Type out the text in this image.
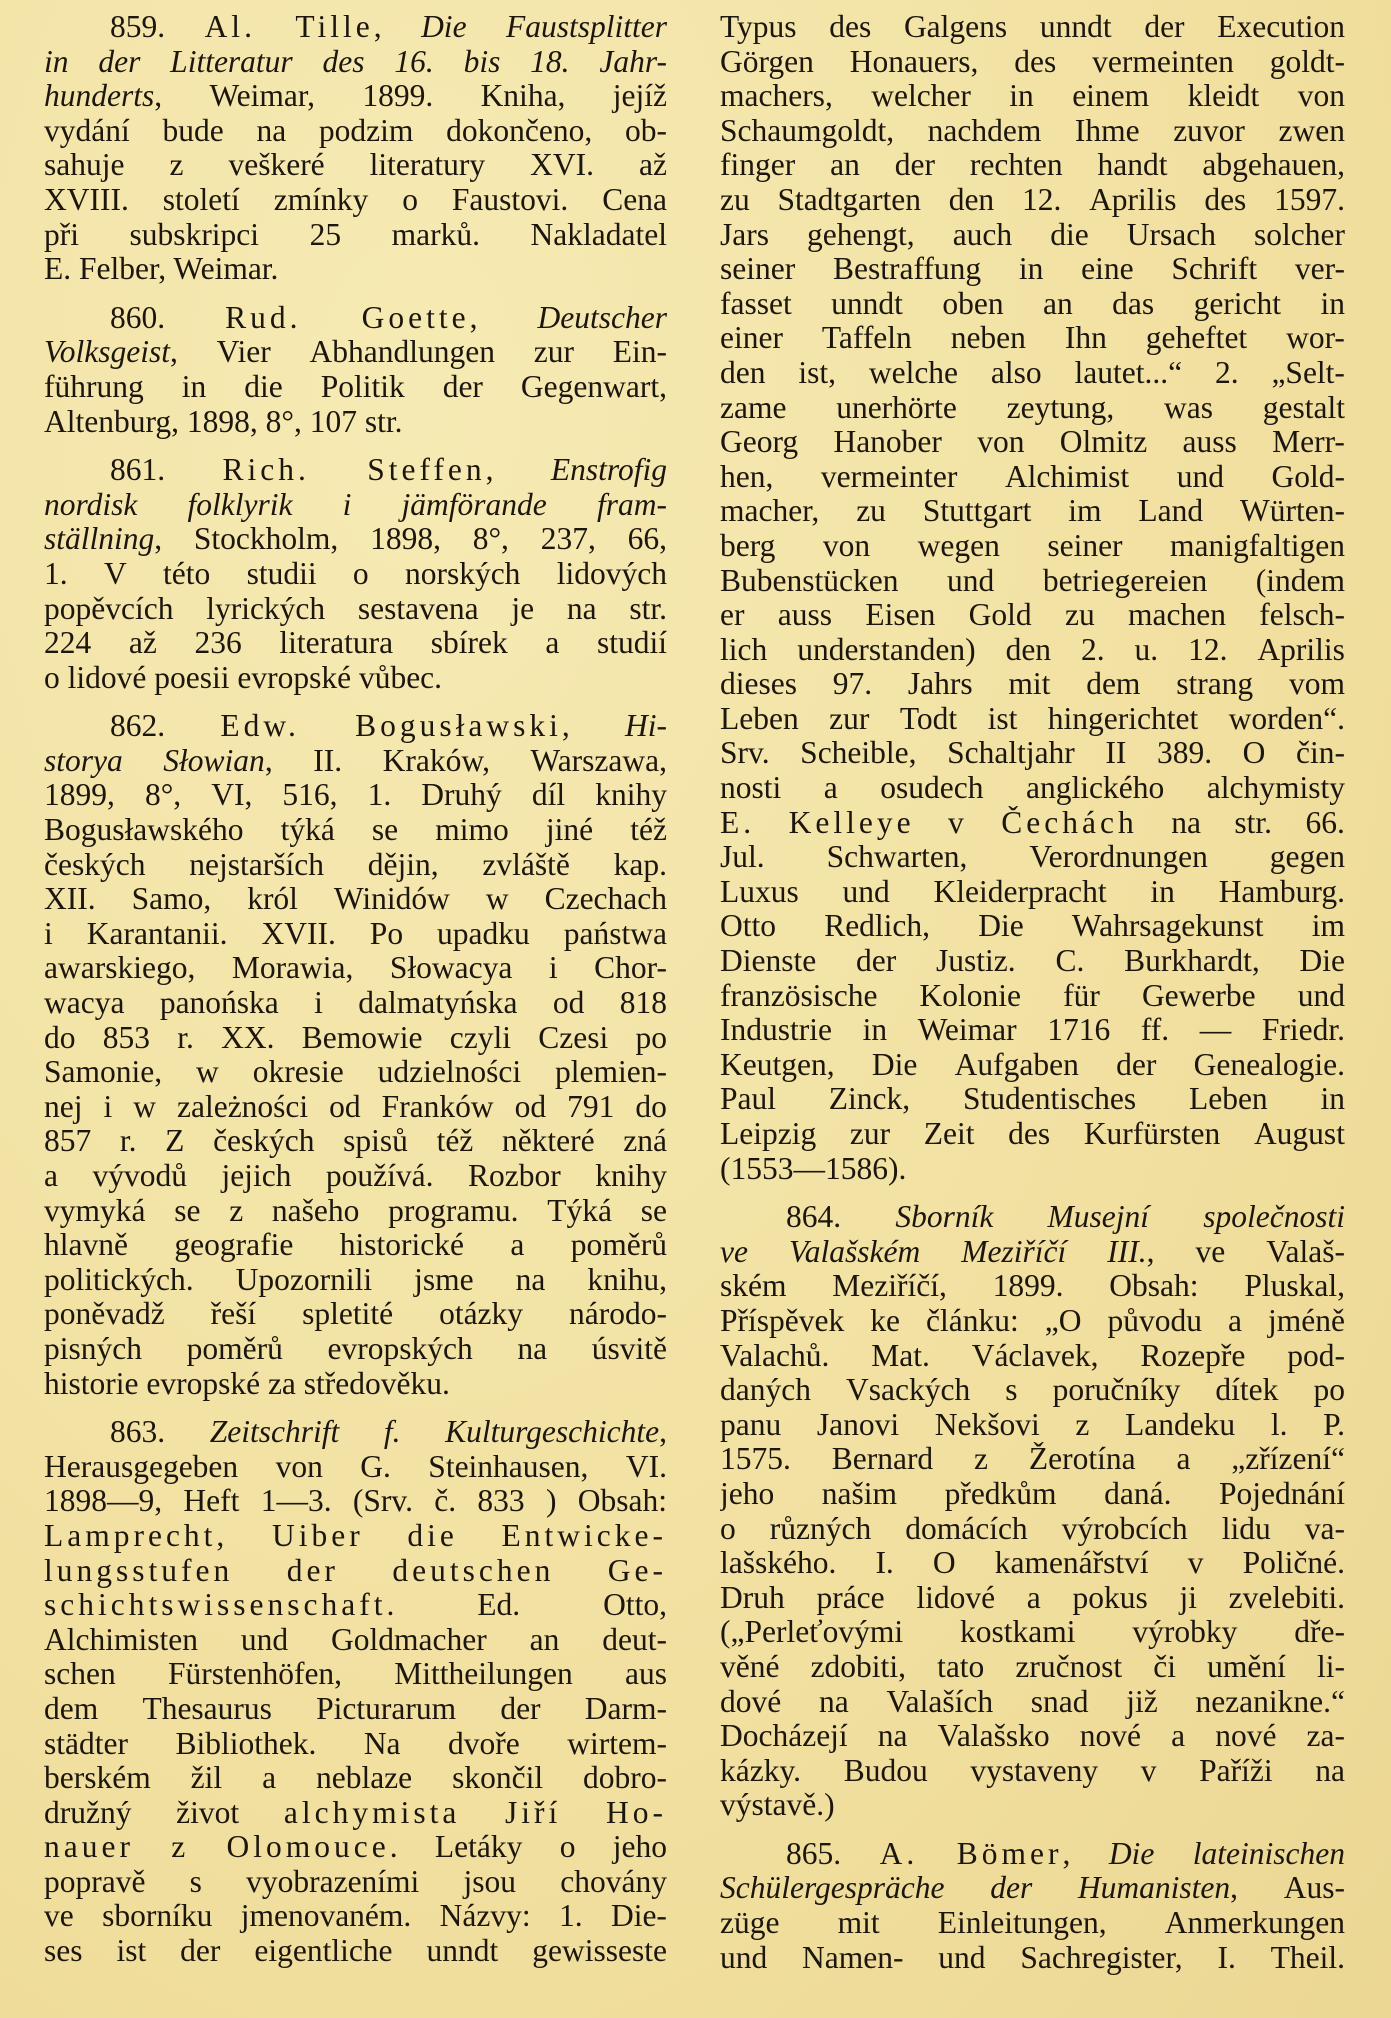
859. Al. Tille, Die Faustsplitter
in der Litteratur des 16. bis 18. Jahr-
hunderts, Weimar, 1899. Kniha, jejíž
vydání bude na podzim dokončeno, ob-
sahuje z veškeré literatury XVI. až
XVIII. století zmínky o Faustovi. Cena
při subskripci 25 marků. Nakladatel
E. Felber, Weimar.
860. Rud. Goette, Deutscher
Volksgeist, Vier Abhandlungen zur Ein-
führung in die Politik der Gegenwart,
Altenburg, 1898, 8°, 107 str.
861. Rich. Steffen, Enstrofig
nordisk folklyrik i jämförande fram-
ställning, Stockholm, 1898, 8°, 237, 66,
1. V této studii o norských lidových
popěvcích lyrických sestavena je na str.
224 až 236 literatura sbírek a studií
o lidové poesii evropské vůbec.
862. Edw. Bogusławski, Hi-
storya Słowian, II. Kraków, Warszawa,
1899, 8°, VI, 516, 1. Druhý díl knihy
Bogusławského týká se mimo jiné též
českých nejstarších dějin, zvláště kap.
XII. Samo, król Winidów w Czechach
i Karantanii. XVII. Po upadku państwa
awarskiego, Morawia, Słowacya i Chor-
wacya panońska i dalmatyńska od 818
do 853 r. XX. Bemowie czyli Czesi po
Samonie, w okresie udzielności plemien-
nej i w zależności od Franków od 791 do
857 r. Z českých spisů též některé zná
a vývodů jejich používá. Rozbor knihy
vymyká se z našeho programu. Týká se
hlavně geografie historické a poměrů
politických. Upozornili jsme na knihu,
poněvadž řeší spletité otázky národo-
pisných poměrů evropských na úsvitě
historie evropské za středověku.
863. Zeitschrift f. Kulturgeschichte,
Herausgegeben von G. Steinhausen, VI.
1898—9, Heft 1—3. (Srv. č. 833 ) Obsah:
Lamprecht, Uiber die Entwicke-
lungsstufen der deutschen Ge-
schichtswissenschaft.	Ed.	Otto,
Alchimisten und Goldmacher an deut-
schen Fürstenhöfen, Mittheilungen aus
dem Thesaurus Picturarum der Darm-
städter Bibliothek. Na dvoře wirtem-
berském žil a neblaze skončil dobro-
družný život alchymista Jiří Ho-
nauer z Olomouce. Letáky o jeho
popravě s vyobrazeními jsou chovány
ve sborníku jmenovaném. Názvy: 1. Die-
ses ist der eigentliche unndt gewisseste
Typus des Galgens unndt der Execution
Görgen Honauers, des vermeinten goldt-
machers, welcher in einem kleidt von
Schaumgoldt, nachdem Ihme zuvor zwen
finger an der rechten handt abgehauen,
zu Stadtgarten den 12. Aprilis des 1597.
Jars gehengt, auch die Ursach solcher
seiner Bestraffung in eine Schrift ver-
fasset unndt oben an das gericht in
einer Taffeln neben Ihn geheftet wor-
den ist, welche also lautet...“ 2. „Selt-
zame unerhörte zeytung, was gestalt
Georg Hanober von Olmitz auss Merr-
hen, vermeinter Alchimist und Gold-
macher, zu Stuttgart im Land Würten-
berg von wegen seiner manigfaltigen
Bubenstücken und betriegereien (indem
er auss Eisen Gold zu machen felsch-
lich understanden) den 2. u. 12. Aprilis
dieses 97. Jahrs mit dem strang vom
Leben zur Todt ist hingerichtet worden“.
Srv. Scheible, Schaltjahr II 389. O čin-
nosti a osudech anglického alchymisty
E. Kelleye v Čechách na str. 66.
Jul. Schwarten, Verordnungen gegen
Luxus und Kleiderpracht in Hamburg.
Otto Redlich, Die Wahrsagekunst im
Dienste der Justiz. C. Burkhardt, Die
französische Kolonie für Gewerbe und
Industrie in Weimar 1716 ff. — Friedr.
Keutgen, Die Aufgaben der Genealogie.
Paul Zinck, Studentisches Leben in
Leipzig zur Zeit des Kurfürsten August
(1553—1586).
864. Sborník Musejní společnosti
ve Valašském Meziříčí III., ve Valaš-
ském Meziříčí, 1899. Obsah: Pluskal,
Příspěvek ke článku: „O původu a jméně
Valachů. Mat. Václavek, Rozepře pod-
daných Vsackých s poručníky dítek po
panu Janovi Nekšovi z Landeku l. P.
1575. Bernard z Žerotína a „zřízení“
jeho našim předkům daná. Pojednání
o různých domácích výrobcích lidu va-
lašského. I. O kamenářství v Poličné.
Druh práce lidové a pokus ji zvelebiti.
(„Perleťovými kostkami výrobky dře-
věné zdobiti, tato zručnost či umění li-
dové na Valaších snad již nezanikne.“
Docházejí na Valašsko nové a nové za-
kázky. Budou vystaveny v Paříži na
výstavě.)
865. A. Bömer, Die lateinischen
Schülergespräche der Humanisten, Aus-
züge mit Einleitungen, Anmerkungen
und Namen- und Sachregister, I. Theil.
